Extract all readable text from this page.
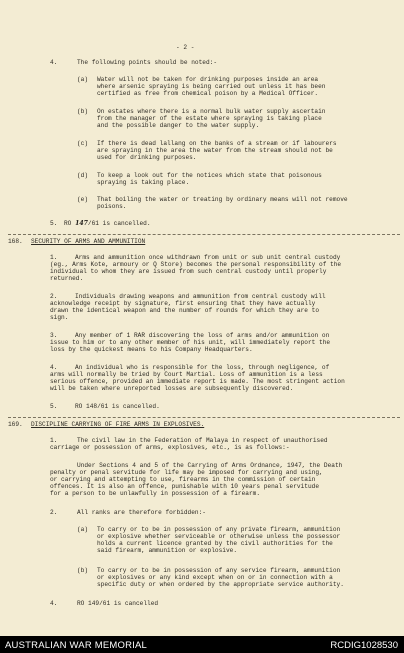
- 2 -
4.	The following points should be noted:-
(a) Water will not be taken for drinking purposes inside an area
where arsenic spraying is being carried out unless it has been
certified as free from chemical poison by a Medical Officer.
(b) On estates where there is a normal bulk water supply ascertain
from the manager of the estate where spraying is taking place
and the possible danger to the water supply.
(c) If there is dead lallang on the banks of a stream or if labourers
are spraying in the area the water from the stream should not be
used for drinking purposes.
(d) To keep a look out for the notices which state that poisonous
spraying is taking place.
(e) That boiling the water or treating by ordinary means will not remove
poisons.
5. RO 147/61 is cancelled.
168. SECURITY OF ARMS AND AMMUNITION
1.	Arms and ammunition once withdrawn from unit or sub unit central custody
(eg., Arms Kote, armoury or Q Store) becomes the personal responsibility of the
individual to whom they are issued from such central custody until properly
returned.
2.	Individuals drawing weapons and ammunition from central custody will
acknowledge receipt by signature, first ensuring that they have actually
drawn the identical weapon and the number of rounds for which they are to
sign.
3.	Any member of 1 RAR discovering the loss of arms and/or ammunition on
issue to him or to any other member of his unit, will immediately report the
loss by the quickest means to his Company Headquarters.
4.	An individual who is responsible for the loss, through negligence, of
arms will normally be tried by Court Martial. Loss of ammunition is a less
serious offence, provided an immediate report is made. The most stringent action
will be taken where unreported losses are subsequently discovered.
5.	RO 148/61 is cancelled.
169. DISCIPLINE CARRYING OF FIRE ARMS IN EXPLOSIVES.
1.	The civil law in the Federation of Malaya in respect of unauthorised
carriage or possession of arms, explosives, etc., is as follows:-
Under Sections 4 and 5 of the Carrying of Arms Ordnance, 1947, the Death
penalty or penal servitude for life may be imposed for carrying and using,
or carrying and attempting to use, firearms in the commission of certain
offences. It is also an offence, punishable with 10 years penal servitude
for a person to be unlawfully in possession of a firearm.
2.	All ranks are therefore forbidden:-
(a) To carry or to be in possession of any private firearm, ammunition
or explosive whether serviceable or otherwise unless the possessor
holds a current licence granted by the civil authorities for the
said firearm, ammunition or explosive.
(b) To carry or to be in possession of any service firearm, ammunition
or explosives or any kind except when on or in connection with a
specific duty or when ordered by the appropriate service authority.
4.	RO 149/61 is cancelled
AUSTRALIAN WAR MEMORIAL	RCDIG1028530
